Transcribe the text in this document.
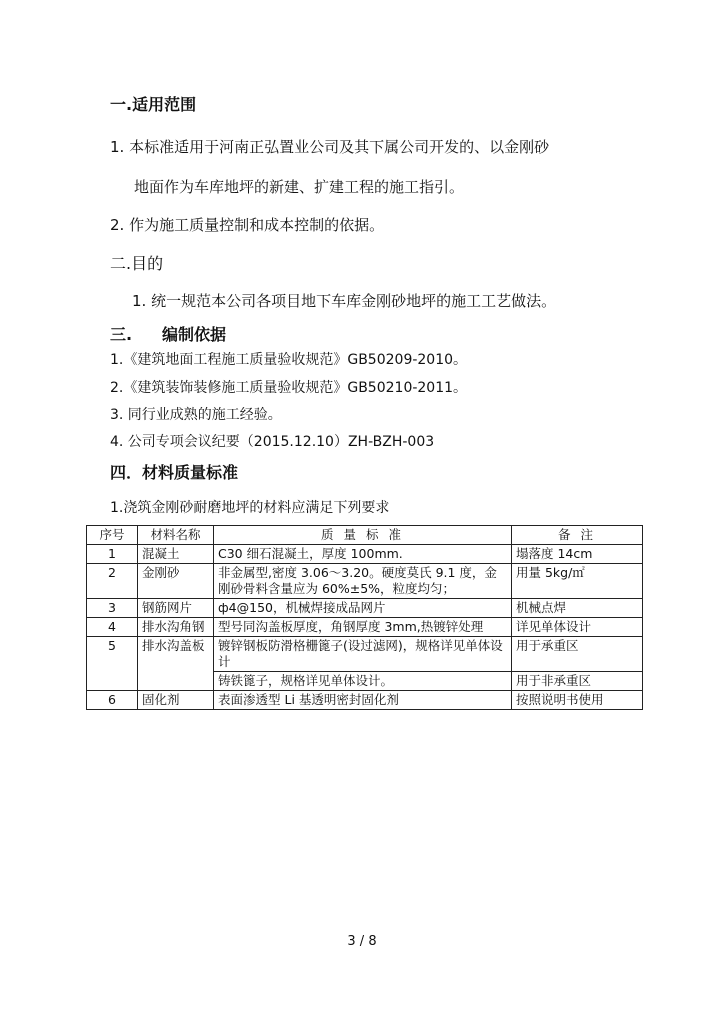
一.适用范围
1. 本标准适用于河南正弘置业公司及其下属公司开发的、以金刚砂
地面作为车库地坪的新建、扩建工程的施工指引。
2. 作为施工质量控制和成本控制的依据。
二.目的
1. 统一规范本公司各项目地下车库金刚砂地坪的施工工艺做法。
三. 编制依据
1.《建筑地面工程施工质量验收规范》GB50209-2010。
2.《建筑装饰装修施工质量验收规范》GB50210-2011。
3. 同行业成熟的施工经验。
4. 公司专项会议纪要（2015.12.10）ZH-BZH-003
四．材料质量标准
1.浇筑金刚砂耐磨地坪的材料应满足下列要求
序号	材料名称	质 量 标 准	备 注
1	混凝土	C30 细石混凝土，厚度 100mm.	塌落度 14cm
2	金刚砂	非金属型,密度 3.06～3.20。硬度莫氏 9.1 度，金刚砂骨料含量应为 60%±5%，粒度均匀；	用量 5kg/㎡
3	钢筋网片	ф4@150，机械焊接成品网片	机械点焊
4	排水沟角钢	型号同沟盖板厚度，角钢厚度 3mm,热镀锌处理	详见单体设计
5	排水沟盖板	镀锌钢板防滑格栅篦子(设过滤网)，规格详见单体设计	用于承重区
		铸铁篦子，规格详见单体设计。	用于非承重区
6	固化剂	表面渗透型 Li 基透明密封固化剂	按照说明书使用
3 / 8
